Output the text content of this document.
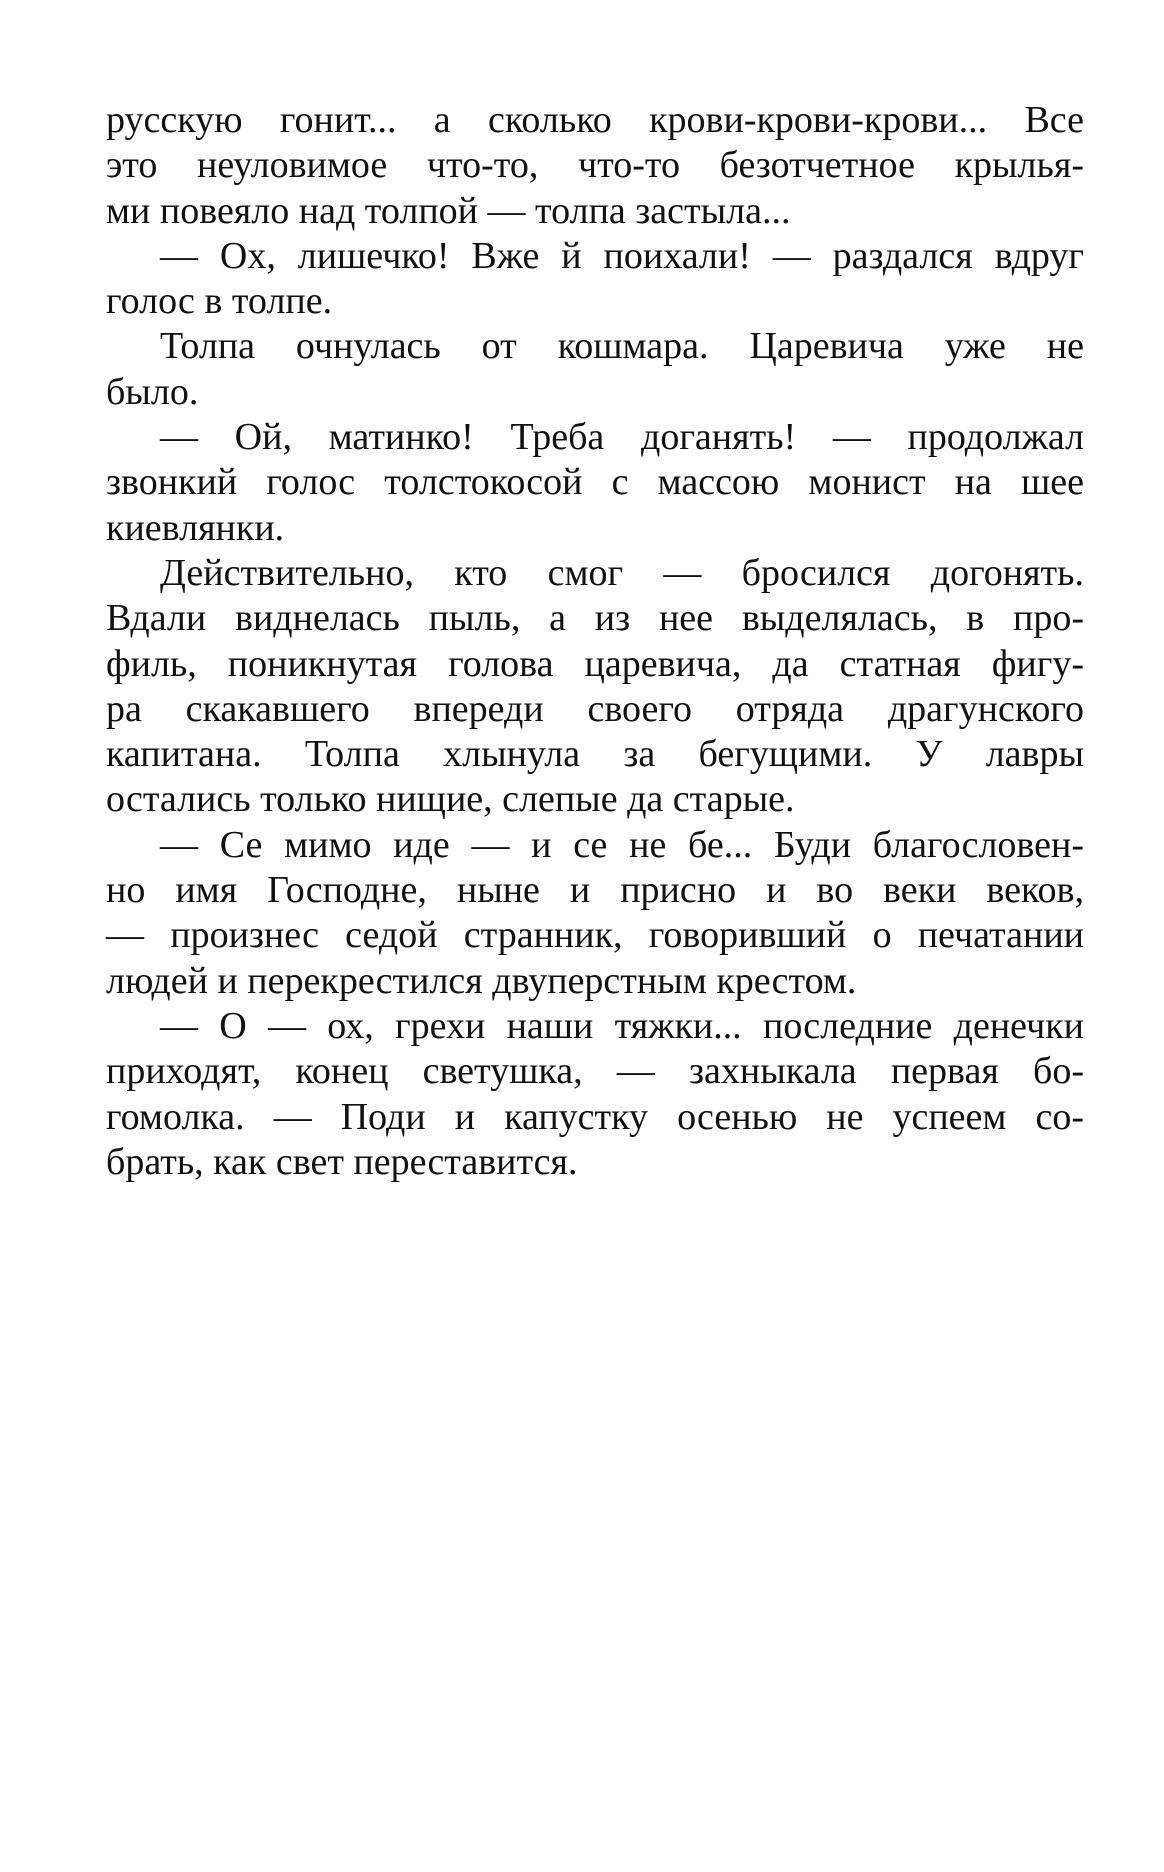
русскую гонит... а сколько крови-крови-крови... Все
это неуловимое что-то, что-то безотчетное крылья-
ми повеяло над толпой — толпа застыла...
— Ох, лишечко! Вже й поихали! — раздался вдруг
голос в толпе.
Толпа очнулась от кошмара. Царевича уже не
было.
— Ой, матинко! Треба доганять! — продолжал
звонкий голос толстокосой с массою монист на шее
киевлянки.
Действительно, кто смог — бросился догонять.
Вдали виднелась пыль, а из нее выделялась, в про-
филь, поникнутая голова царевича, да статная фигу-
ра скакавшего впереди своего отряда драгунского
капитана. Толпа хлынула за бегущими. У лавры
остались только нищие, слепые да старые.
— Се мимо иде — и се не бе... Буди благословен-
но имя Господне, ныне и присно и во веки веков,
— произнес седой странник, говоривший о печатании
людей и перекрестился двуперстным крестом.
— О — ох, грехи наши тяжки... последние денечки
приходят, конец светушка, — захныкала первая бо-
гомолка. — Поди и капустку осенью не успеем со-
брать, как свет переставится.
